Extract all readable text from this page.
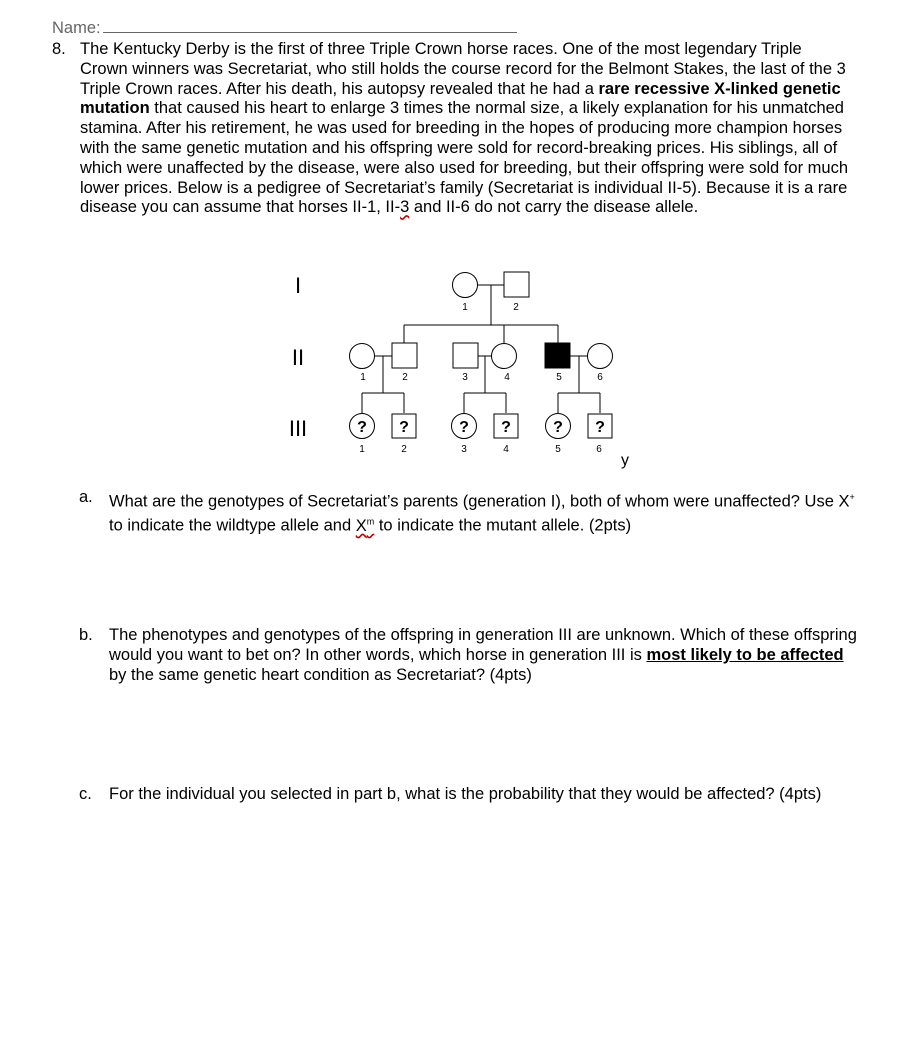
Name:
8. The Kentucky Derby is the first of three Triple Crown horse races. One of the most legendary Triple Crown winners was Secretariat, who still holds the course record for the Belmont Stakes, the last of the 3 Triple Crown races. After his death, his autopsy revealed that he had a rare recessive X-linked genetic mutation that caused his heart to enlarge 3 times the normal size, a likely explanation for his unmatched stamina. After his retirement, he was used for breeding in the hopes of producing more champion horses with the same genetic mutation and his offspring were sold for record-breaking prices. His siblings, all of which were unaffected by the disease, were also used for breeding, but their offspring were sold for much lower prices. Below is a pedigree of Secretariat’s family (Secretariat is individual II-5). Because it is a rare disease you can assume that horses II-1, II-3 and II-6 do not carry the disease allele.
I
II
III	? ?	? ?	? ?
1	2
1	2	3	4	5	6
1	2	3	4	5	6
y
a. What are the genotypes of Secretariat’s parents (generation I), both of whom were unaffected? Use X+ to indicate the wildtype allele and $X^m$ to indicate the mutant allele. (2pts)
b. The phenotypes and genotypes of the offspring in generation III are unknown. Which of these offspring would you want to bet on? In other words, which horse in generation III is most likely to be affected by the same genetic heart condition as Secretariat? (4pts)
c. For the individual you selected in part b, what is the probability that they would be affected? (4pts)
